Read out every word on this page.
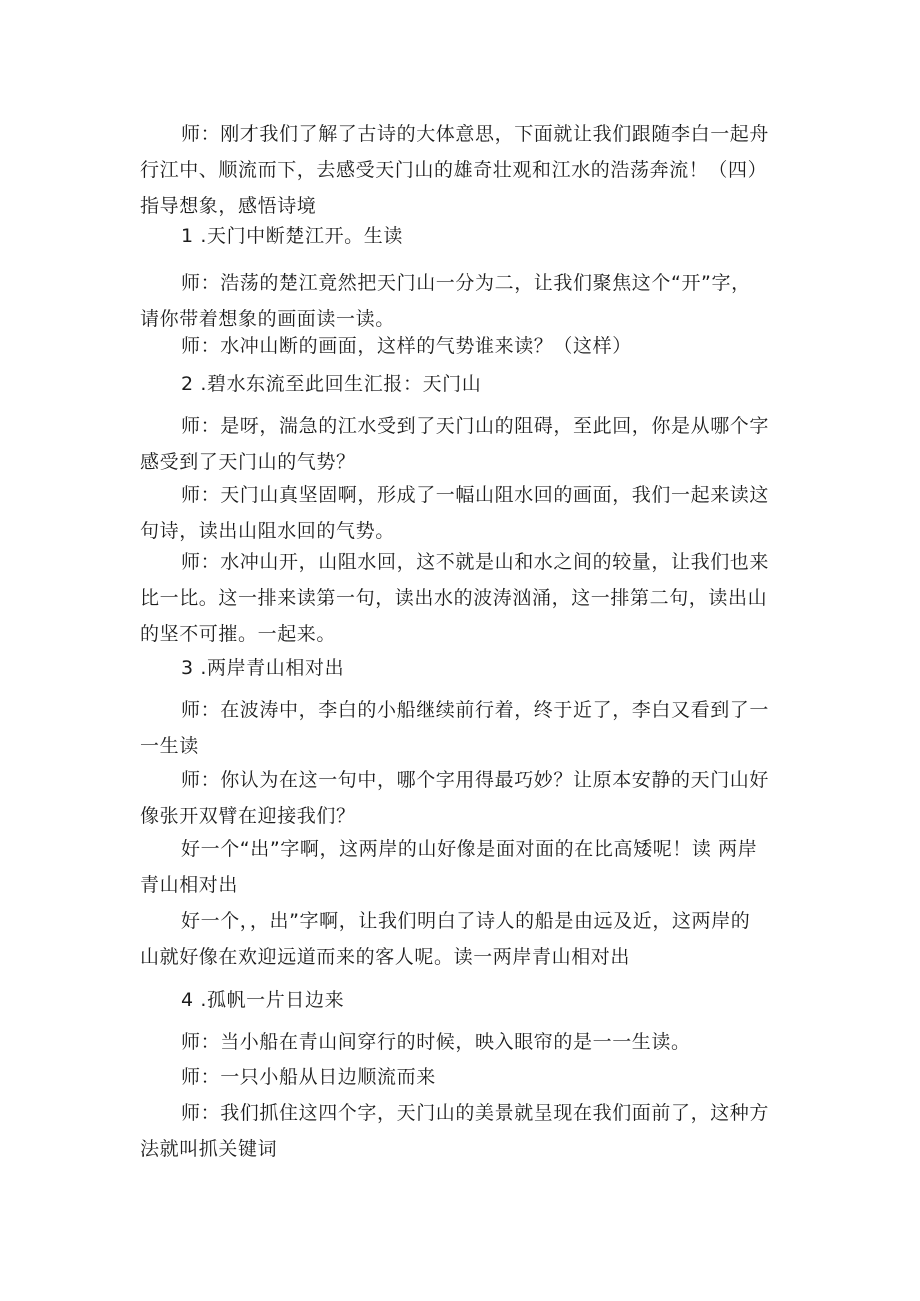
师：刚才我们了解了古诗的大体意思，下面就让我们跟随李白一起舟
行江中、顺流而下，去感受天门山的雄奇壮观和江水的浩荡奔流！（四）
指导想象，感悟诗境
1 .天门中断楚江开。生读
师：浩荡的楚江竟然把天门山一分为二，让我们聚焦这个“开”字，
请你带着想象的画面读一读。
师：水冲山断的画面，这样的气势谁来读？（这样）
2 .碧水东流至此回生汇报：天门山
师：是呀，湍急的江水受到了天门山的阻碍，至此回，你是从哪个字
感受到了天门山的气势？
师：天门山真坚固啊，形成了一幅山阻水回的画面，我们一起来读这
句诗，读出山阻水回的气势。
师：水冲山开，山阻水回，这不就是山和水之间的较量，让我们也来
比一比。这一排来读第一句，读出水的波涛汹涌，这一排第二句，读出山
的坚不可摧。一起来。
3 .两岸青山相对出
师：在波涛中，李白的小船继续前行着，终于近了，李白又看到了一
一生读
师：你认为在这一句中，哪个字用得最巧妙？让原本安静的天门山好
像张开双臂在迎接我们？
好一个“出”字啊，这两岸的山好像是面对面的在比高矮呢！读 两岸
青山相对出
好一个，，出”字啊，让我们明白了诗人的船是由远及近，这两岸的
山就好像在欢迎远道而来的客人呢。读一两岸青山相对出
4 .孤帆一片日边来
师：当小船在青山间穿行的时候，映入眼帘的是一一生读。
师：一只小船从日边顺流而来
师：我们抓住这四个字，天门山的美景就呈现在我们面前了，这种方
法就叫抓关键词
